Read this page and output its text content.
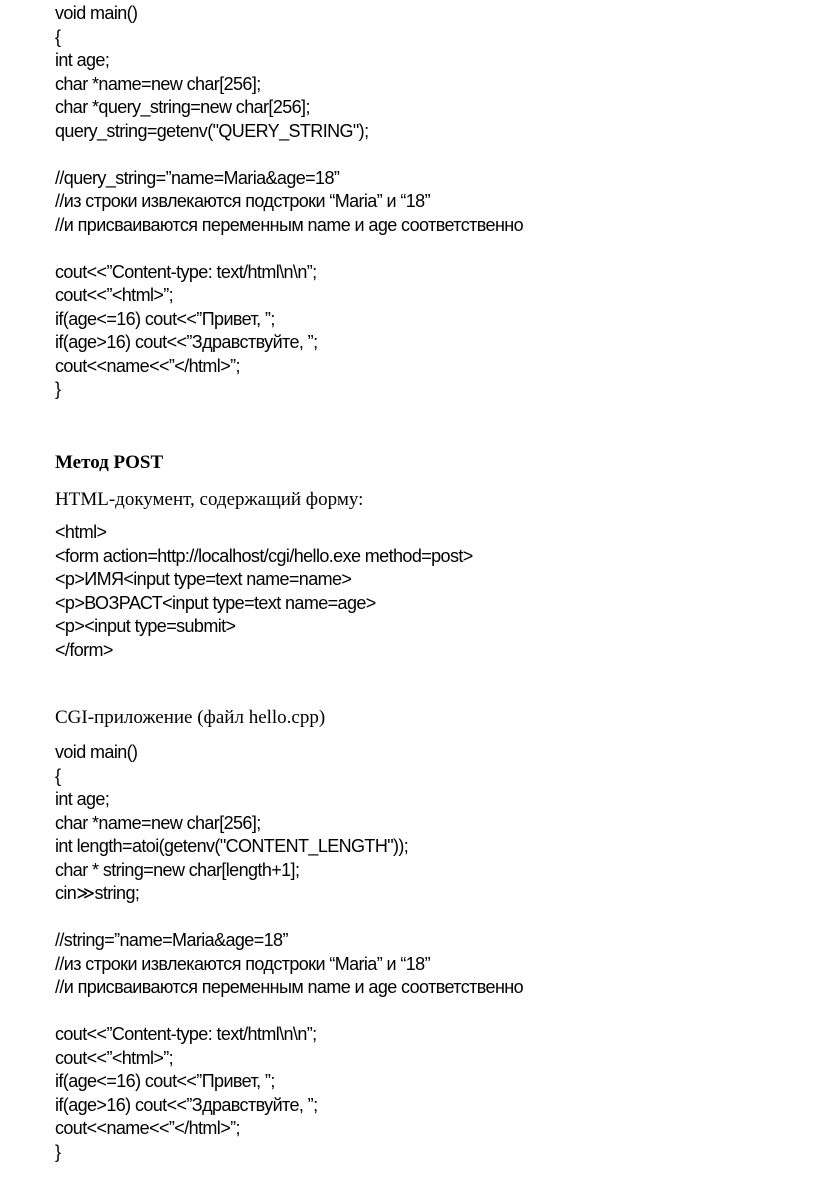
void main()
{
int age;
char *name=new char[256];
char *query_string=new char[256];
query_string=getenv("QUERY_STRING");
//query_string=”name=Maria&age=18”
//из строки извлекаются подстроки “Maria” и “18”
//и присваиваются переменным name и age соответственно
cout<<”Content-type: text/html\n\n”;
cout<<”<html>”;
if(age<=16) cout<<”Привет, ”;
if(age>16) cout<<”Здравствуйте, ”;
cout<<name<<”</html>”;
}
Метод POST
HTML-документ, содержащий форму:
<html>
<form action=http://localhost/cgi/hello.exe method=post>
<p>ИМЯ<input type=text name=name>
<p>ВОЗРАСТ<input type=text name=age>
<p><input type=submit>
</form>
CGI-приложение (файл hello.cpp)
void main()
{
int age;
char *name=new char[256];
int length=atoi(getenv("CONTENT_LENGTH"));
char * string=new char[length+1];
cin≫string;
//string=”name=Maria&age=18”
//из строки извлекаются подстроки “Maria” и “18”
//и присваиваются переменным name и age соответственно
cout<<”Content-type: text/html\n\n”;
cout<<”<html>”;
if(age<=16) cout<<”Привет, ”;
if(age>16) cout<<”Здравствуйте, ”;
cout<<name<<”</html>”;
}
